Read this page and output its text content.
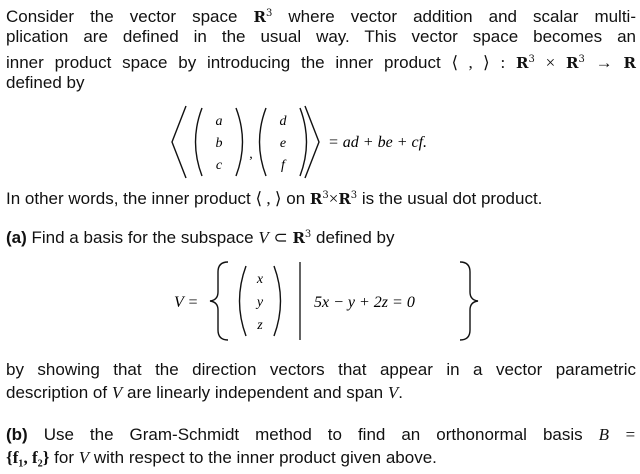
Consider the vector space $R^3$ where vector addition and scalar multi-
plication are defined in the usual way. This vector space becomes an
inner product space by introducing the inner product ⟨ , ⟩ : $R^3 \times R^3 \to R$
defined by
a
b
c
,
d
e
f
= ad + be + cf.
In other words, the inner product ⟨ , ⟩ on $R^3\times R^3$ is the usual dot product.
(a) Find a basis for the subspace V ⊂ $R^3$ defined by
V =
x
y
z
5x − y + 2z = 0
by showing that the direction vectors that appear in a vector parametric
description of V are linearly independent and span V.
(b) Use the Gram-Schmidt method to find an orthonormal basis B =
{f₁, f₂} for V with respect to the inner product given above.
